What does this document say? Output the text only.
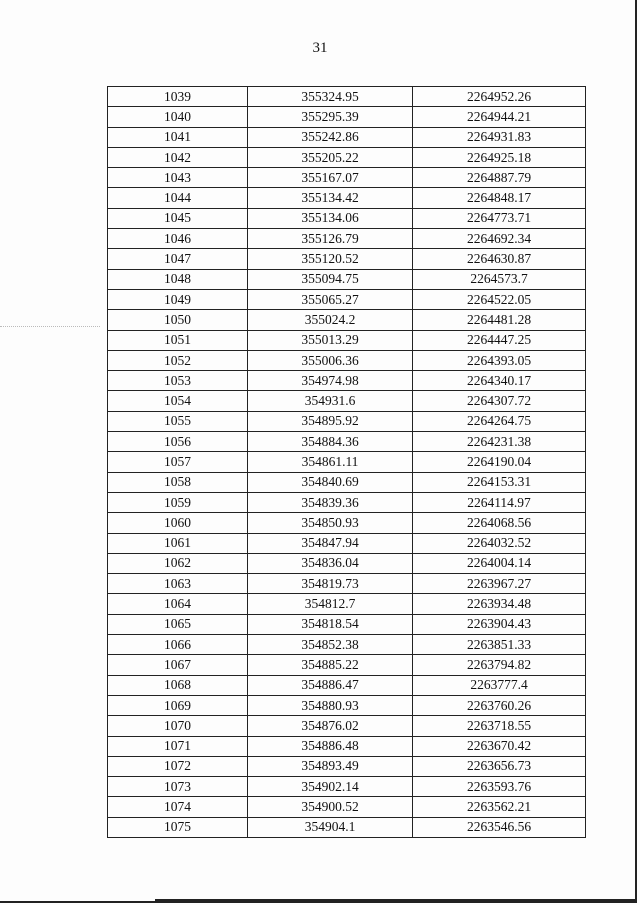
31
1039	355324.95	2264952.26
1040	355295.39	2264944.21
1041	355242.86	2264931.83
1042	355205.22	2264925.18
1043	355167.07	2264887.79
1044	355134.42	2264848.17
1045	355134.06	2264773.71
1046	355126.79	2264692.34
1047	355120.52	2264630.87
1048	355094.75	2264573.7
1049	355065.27	2264522.05
1050	355024.2	2264481.28
1051	355013.29	2264447.25
1052	355006.36	2264393.05
1053	354974.98	2264340.17
1054	354931.6	2264307.72
1055	354895.92	2264264.75
1056	354884.36	2264231.38
1057	354861.11	2264190.04
1058	354840.69	2264153.31
1059	354839.36	2264114.97
1060	354850.93	2264068.56
1061	354847.94	2264032.52
1062	354836.04	2264004.14
1063	354819.73	2263967.27
1064	354812.7	2263934.48
1065	354818.54	2263904.43
1066	354852.38	2263851.33
1067	354885.22	2263794.82
1068	354886.47	2263777.4
1069	354880.93	2263760.26
1070	354876.02	2263718.55
1071	354886.48	2263670.42
1072	354893.49	2263656.73
1073	354902.14	2263593.76
1074	354900.52	2263562.21
1075	354904.1	2263546.56
